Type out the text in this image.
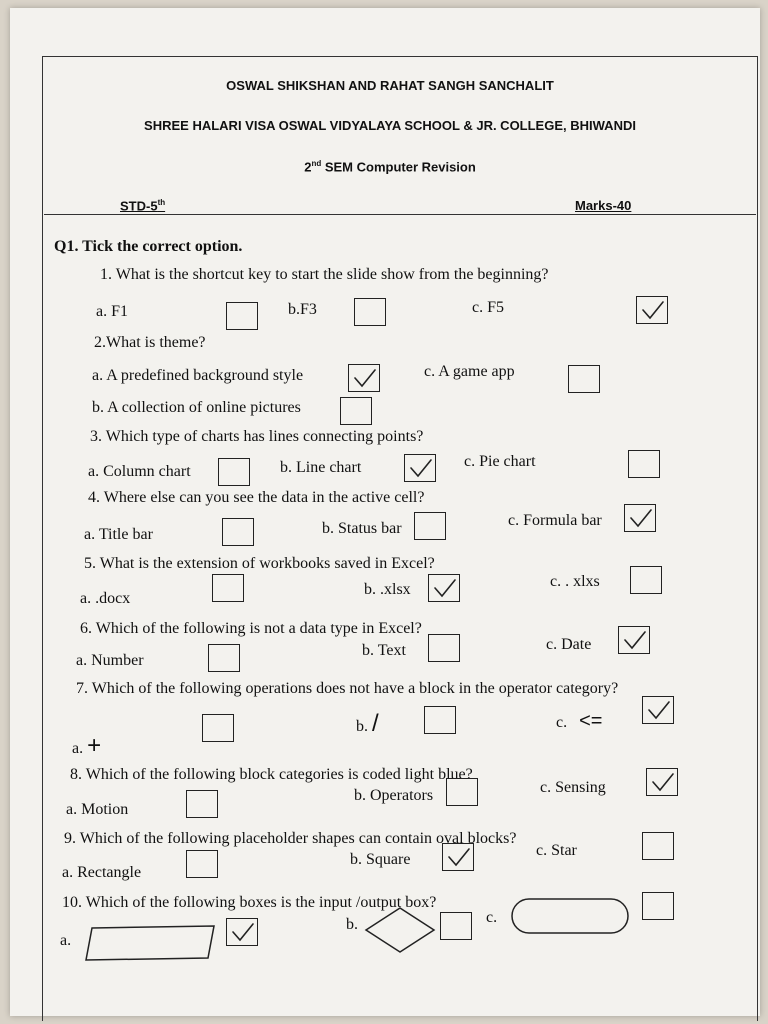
OSWAL SHIKSHAN AND RAHAT SANGH SANCHALIT
SHREE HALARI VISA OSWAL VIDYALAYA SCHOOL & JR. COLLEGE, BHIWANDI
2nd SEM Computer Revision
STD-5th	Marks-40
Q1. Tick the correct option.
1. What is the shortcut key to start the slide show from the beginning?
a. F1	b.F3	c. F5
2.What is theme?
a. A predefined background style	c. A game app
b. A collection of online pictures
3. Which type of charts has lines connecting points?
a. Column chart	b. Line chart	c. Pie chart
4. Where else can you see the data in the active cell?
a. Title bar	b. Status bar	c. Formula bar
5. What is the extension of workbooks saved in Excel?
a. .docx
b. .xlsx	c. . xlxs
6. Which of the following is not a data type in Excel?
a. Number
b. Text	c. Date
7. Which of the following operations does not have a block in the operator category?
a. +
b. /	c. <=
8. Which of the following block categories is coded light blue?
a. Motion
b. Operators	c. Sensing
9. Which of the following placeholder shapes can contain oval blocks?
a. Rectangle
b. Square
c. Star
10. Which of the following boxes is the input /output box?
a.
b.	c.
